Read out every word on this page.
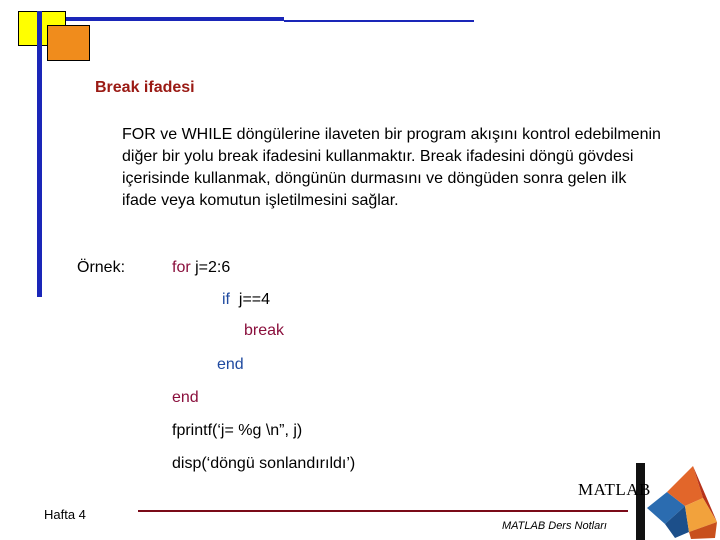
Break ifadesi
FOR ve WHILE döngülerine ilaveten bir program akışını kontrol edebilmenin diğer bir yolu break ifadesini kullanmaktır. Break ifadesini döngü gövdesi içerisinde kullanmak, döngünün durmasını ve döngüden sonra gelen ilk ifade veya komutun işletilmesini sağlar.
Örnek:	for j=2:6
if  j==4
break
end
end
fprintf(‘j= %g \n”, j)
disp(‘döngü sonlandırıldı’)
Hafta 4
MATLAB Ders Notları
MATLAB
